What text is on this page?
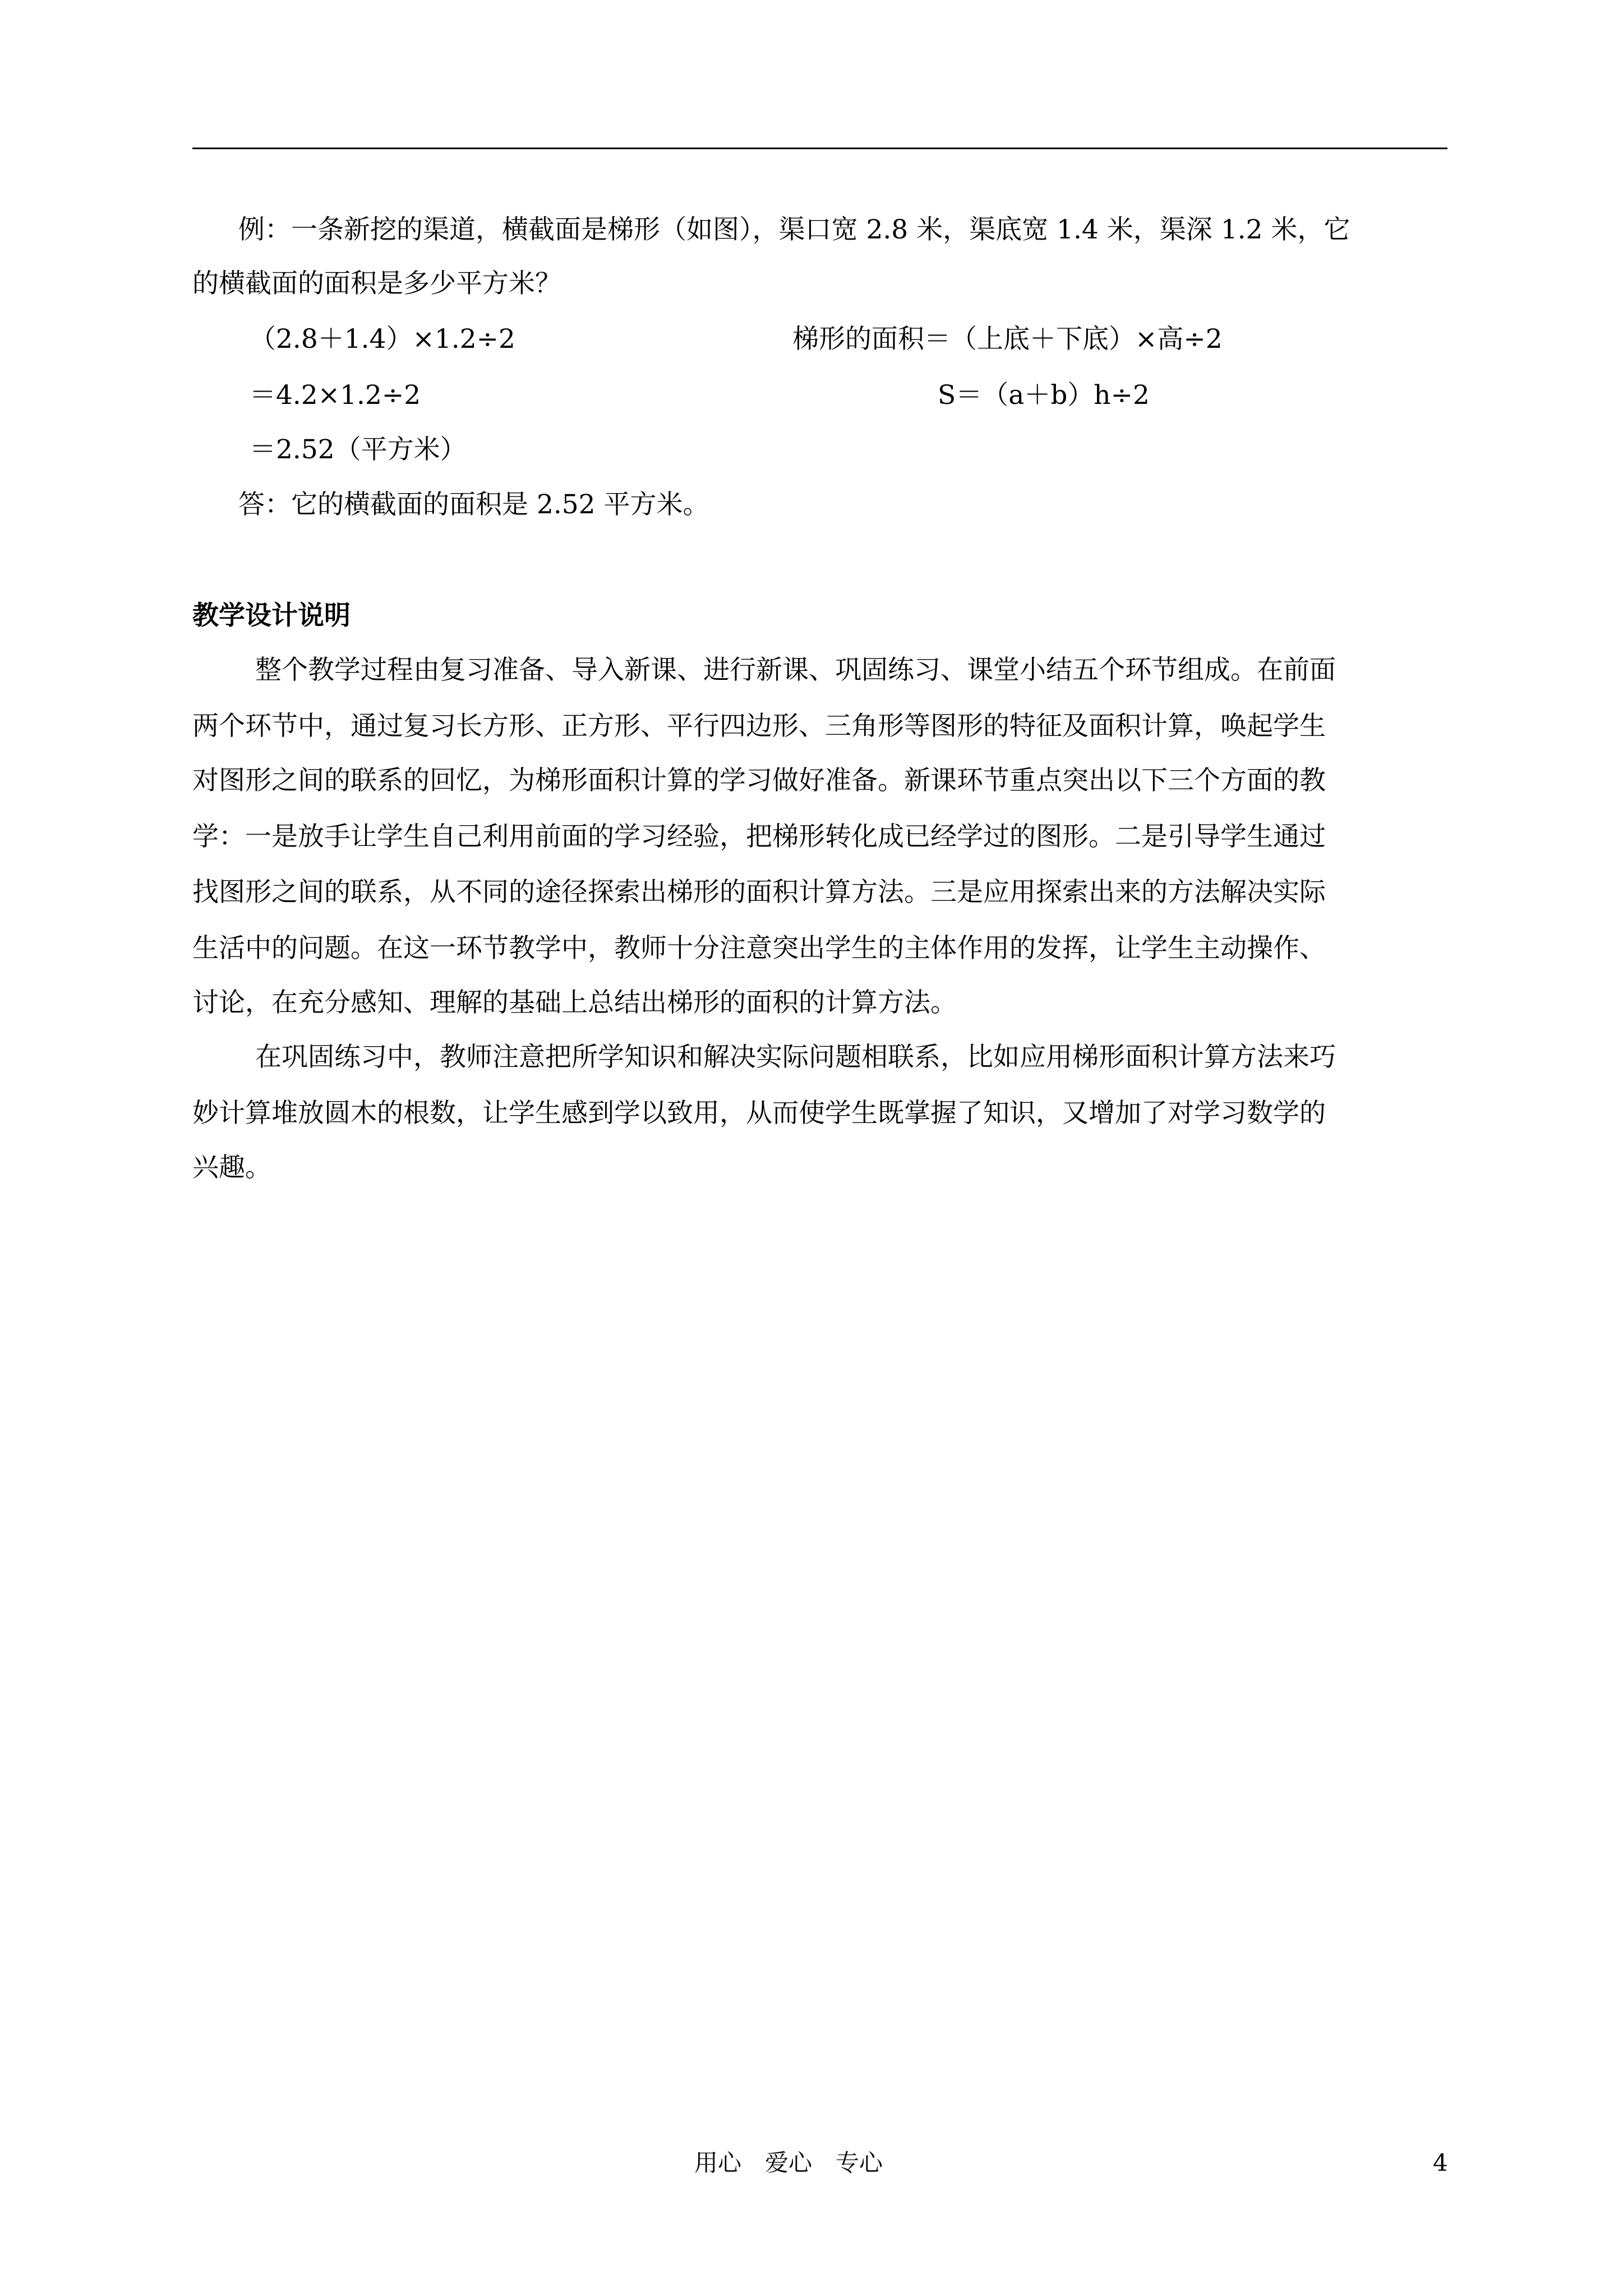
例：一条新挖的渠道，横截面是梯形（如图），渠口宽 2.8 米，渠底宽 1.4 米，渠深 1.2 米，它
的横截面的面积是多少平方米？
（2.8＋1.4）×1.2÷2	梯形的面积＝（上底＋下底）×高÷2
＝4.2×1.2÷2	S＝（a＋b）h÷2
＝2.52（平方米）
答：它的横截面的面积是 2.52 平方米。
教学设计说明
整个教学过程由复习准备、导入新课、进行新课、巩固练习、课堂小结五个环节组成。在前面
两个环节中，通过复习长方形、正方形、平行四边形、三角形等图形的特征及面积计算，唤起学生
对图形之间的联系的回忆，为梯形面积计算的学习做好准备。新课环节重点突出以下三个方面的教
学：一是放手让学生自己利用前面的学习经验，把梯形转化成已经学过的图形。二是引导学生通过
找图形之间的联系，从不同的途径探索出梯形的面积计算方法。三是应用探索出来的方法解决实际
生活中的问题。在这一环节教学中，教师十分注意突出学生的主体作用的发挥，让学生主动操作、
讨论，在充分感知、理解的基础上总结出梯形的面积的计算方法。
在巩固练习中，教师注意把所学知识和解决实际问题相联系，比如应用梯形面积计算方法来巧
妙计算堆放圆木的根数，让学生感到学以致用，从而使学生既掌握了知识，又增加了对学习数学的
兴趣。
用心　爱心　专心	4
